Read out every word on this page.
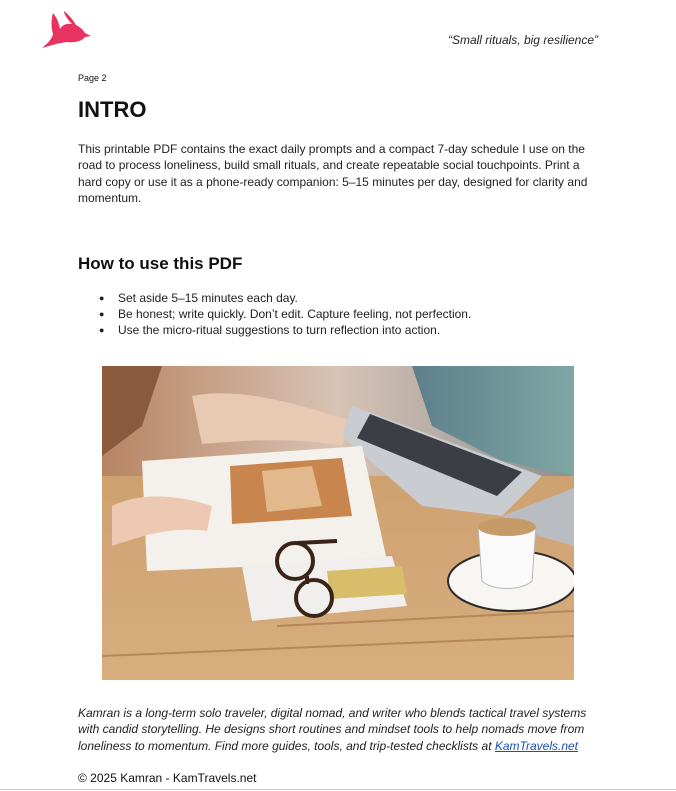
“Small rituals, big resilience”
Page 2
INTRO

This printable PDF contains the exact daily prompts and a compact 7-day schedule I use on the road to process loneliness, build small rituals, and create repeatable social touchpoints. Print a hard copy or use it as a phone-ready companion: 5–15 minutes per day, designed for clarity and momentum.

How to use this PDF
● Set aside 5–15 minutes each day.
● Be honest; write quickly. Don’t edit. Capture feeling, not perfection.
● Use the micro-ritual suggestions to turn reflection into action.

Kamran is a long-term solo traveler, digital nomad, and writer who blends tactical travel systems with candid storytelling. He designs short routines and mindset tools to help nomads move from loneliness to momentum. Find more guides, tools, and trip-tested checklists at KamTravels.net

© 2025 Kamran - KamTravels.net
